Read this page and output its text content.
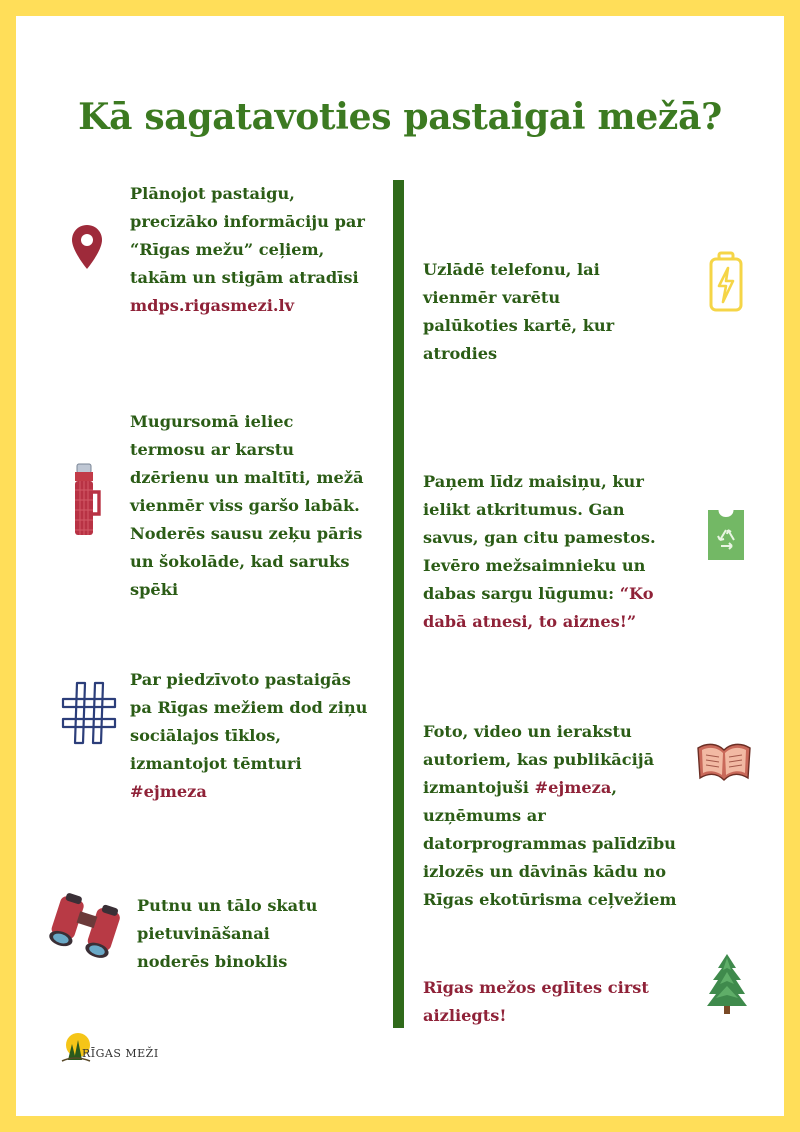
Kā sagatavoties pastaigai mežā?
Plānojot pastaigu,
precīzāko informāciju par
“Rīgas mežu” ceļiem,
takām un stigām atradīsi
mdps.rigasmezi.lv
Uzlādē telefonu, lai
vienmēr varētu
palūkoties kartē, kur
atrodies
Mugursomā ieliec
termosu ar karstu
dzērienu un maltīti, mežā
vienmēr viss garšo labāk.
Noderēs sausu zeķu pāris
un šokolāde, kad saruks
spēki
Paņem līdz maisiņu, kur
ielikt atkritumus. Gan
savus, gan citu pamestos.
Ievēro mežsaimnieku un
dabas sargu lūgumu: “Ko
dabā atnesi, to aiznes!”
Par piedzīvoto pastaigās
pa Rīgas mežiem dod ziņu
sociālajos tīklos,
izmantojot tēmturi
#ejmeza
Foto, video un ierakstu
autoriem, kas publikācijā
izmantojuši #ejmeza,
uzņēmums ar
datorprogrammas palīdzību
izlozēs un dāvinās kādu no
Rīgas ekotūrisma ceļvežiem
Putnu un tālo skatu
pietuvināšanai
noderēs binoklis
Rīgas mežos eglītes cirst
aizliegts!
RĪGAS MEŽI
